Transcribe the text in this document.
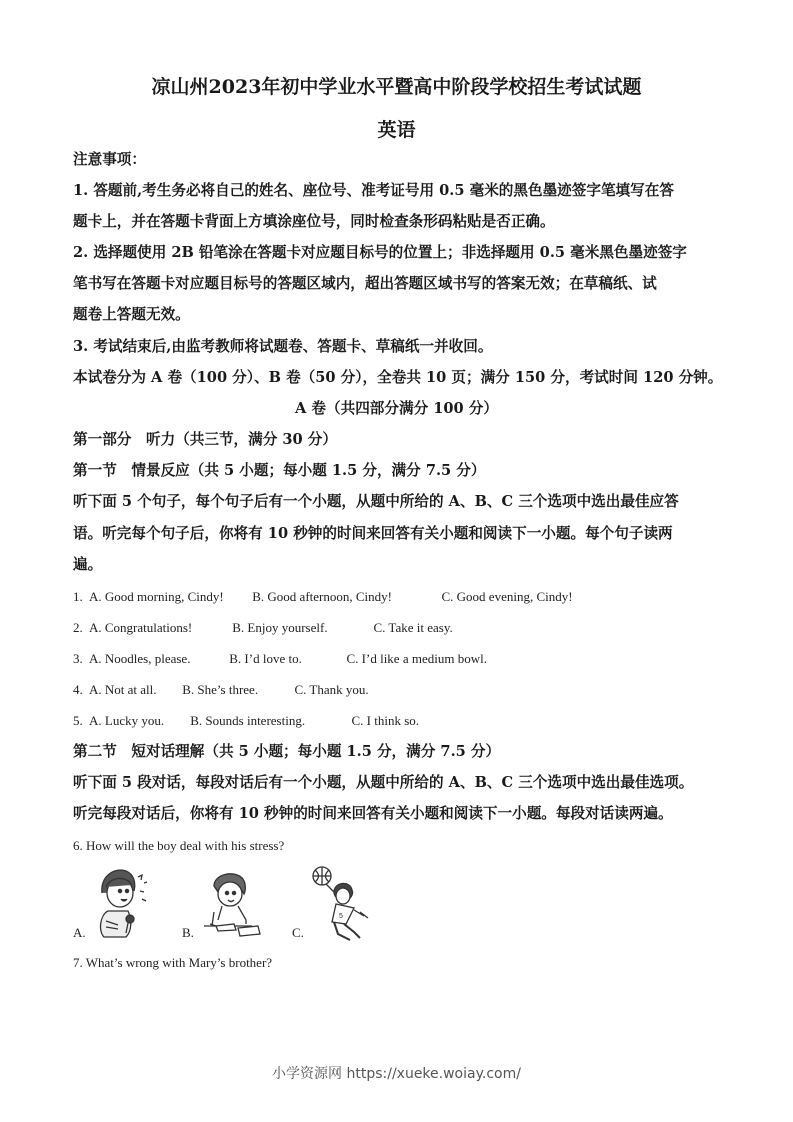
凉山州2023年初中学业水平暨高中阶段学校招生考试试题
英语
注意事项：
1. 答题前,考生务必将自己的姓名、座位号、准考证号用 0.5 毫米的黑色墨迹签字笔填写在答
题卡上，并在答题卡背面上方填涂座位号，同时检查条形码粘贴是否正确。
2. 选择题使用 2B 铅笔涂在答题卡对应题目标号的位置上；非选择题用 0.5 毫米黑色墨迹签字
笔书写在答题卡对应题目标号的答题区域内，超出答题区域书写的答案无效；在草稿纸、试
题卷上答题无效。
3. 考试结束后,由监考教师将试题卷、答题卡、草稿纸一并收回。
本试卷分为 A 卷（100 分）、B 卷（50 分），全卷共 10 页；满分 150 分，考试时间 120 分钟。
A 卷（共四部分满分 100 分）
第一部分　听力（共三节，满分 30 分）
第一节　情景反应（共 5 小题；每小题 1.5 分，满分 7.5 分）
听下面 5 个句子，每个句子后有一个小题，从题中所给的 A、B、C 三个选项中选出最佳应答
语。听完每个句子后，你将有 10 秒钟的时间来回答有关小题和阅读下一小题。每个句子读两
遍。
1. A. Good morning, Cindy! B. Good afternoon, Cindy!	C. Good evening, Cindy!
2. A. Congratulations!	B. Enjoy yourself.	C. Take it easy.
3. A. Noodles, please.	B. I’d love to.	C. I’d like a medium bowl.
4. A. Not at all. B. She’s three.	C. Thank you.
5. A. Lucky you. B. Sounds interesting.	C. I think so.
第二节　短对话理解（共 5 小题；每小题 1.5 分，满分 7.5 分）
听下面 5 段对话，每段对话后有一个小题，从题中所给的 A、B、C 三个选项中选出最佳选项。
听完每段对话后，你将有 10 秒钟的时间来回答有关小题和阅读下一小题。每段对话读两遍。
6. How will the boy deal with his stress?
A.	B.	C.
5
7. What’s wrong with Mary’s brother?
小学资源网 https://xueke.woiay.com/
